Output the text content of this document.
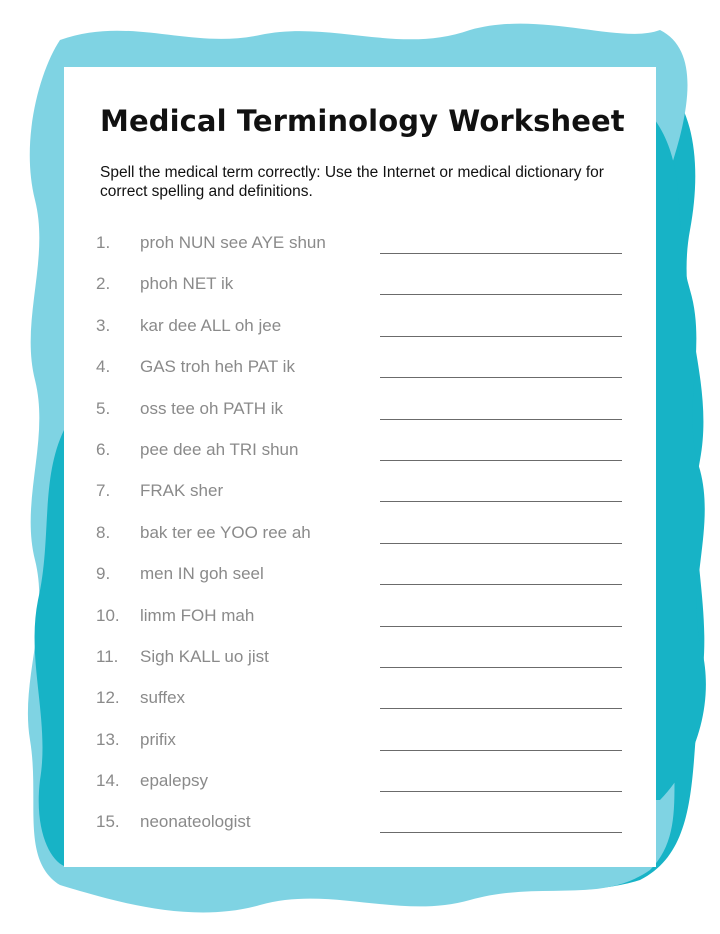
Medical Terminology Worksheet

Spell the medical term correctly: Use the Internet or medical dictionary for correct spelling and definitions.

1. proh NUN see AYE shun
2. phoh NET ik
3. kar dee ALL oh jee
4. GAS troh heh PAT ik
5. oss tee oh PATH ik
6. pee dee ah TRI shun
7. FRAK sher
8. bak ter ee YOO ree ah
9. men IN goh seel
10. limm FOH mah
11. Sigh KALL uo jist
12. suffex
13. prifix
14. epalepsy
15. neonateologist
